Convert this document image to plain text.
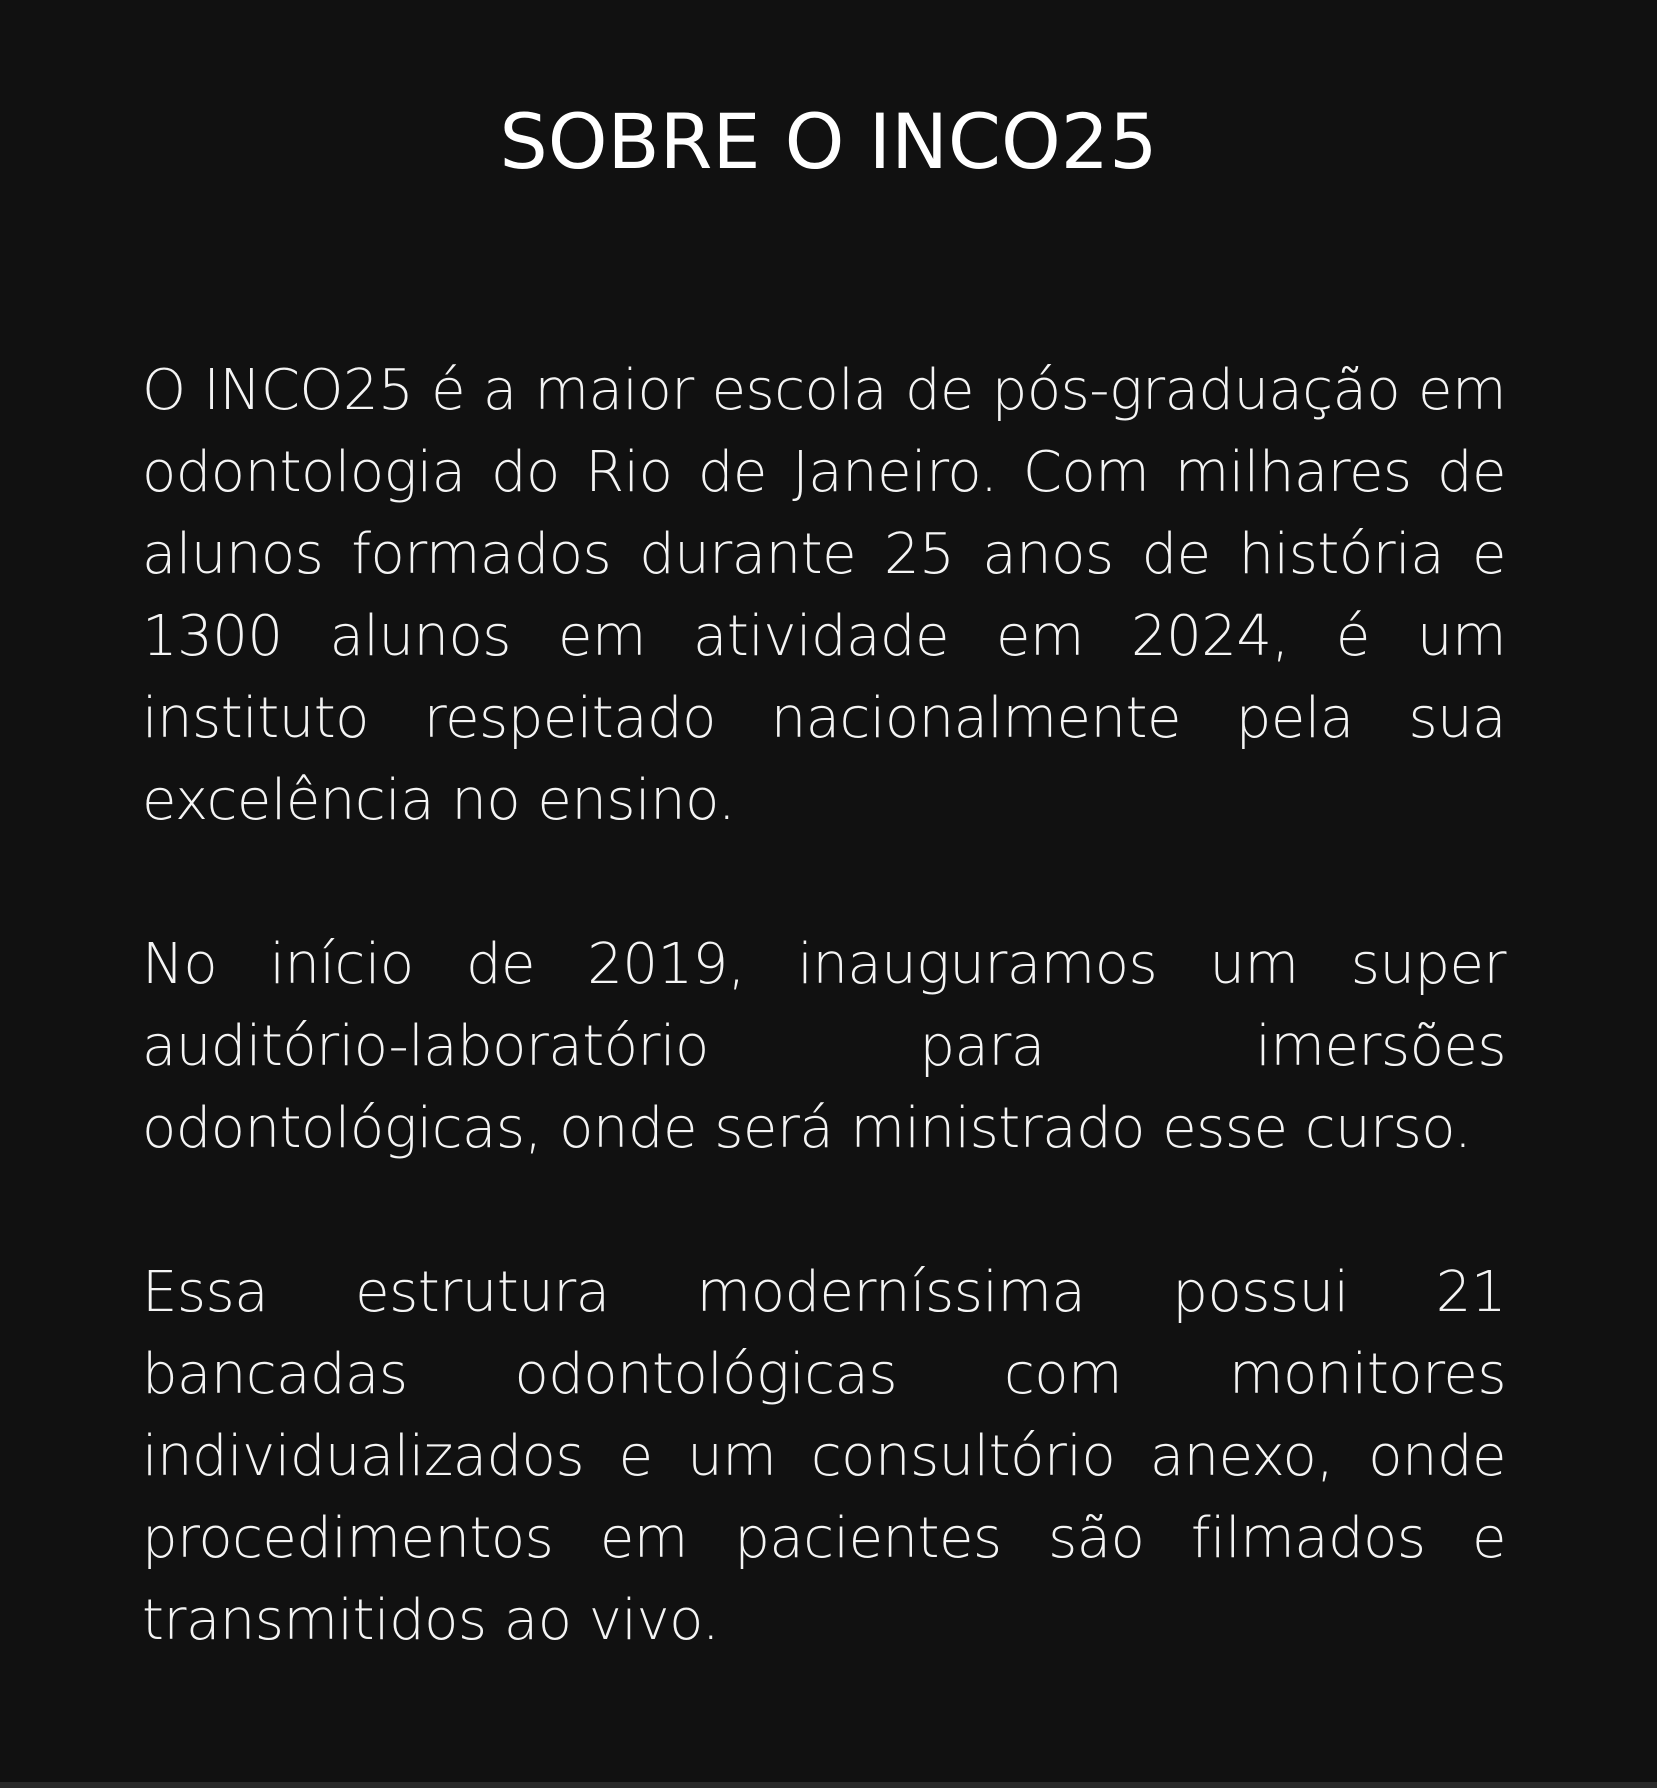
SOBRE O INCO25

O INCO25 é a maior escola de pós-graduação em odontologia do Rio de Janeiro. Com milhares de alunos formados durante 25 anos de história e 1300 alunos em atividade em 2024, é um instituto respeitado nacionalmente pela sua excelência no ensino.

No início de 2019, inauguramos um super auditório-laboratório para imersões odontológicas, onde será ministrado esse curso.

Essa estrutura moderníssima possui 21 bancadas odontológicas com monitores individualizados e um consultório anexo, onde procedimentos em pacientes são filmados e transmitidos ao vivo.
